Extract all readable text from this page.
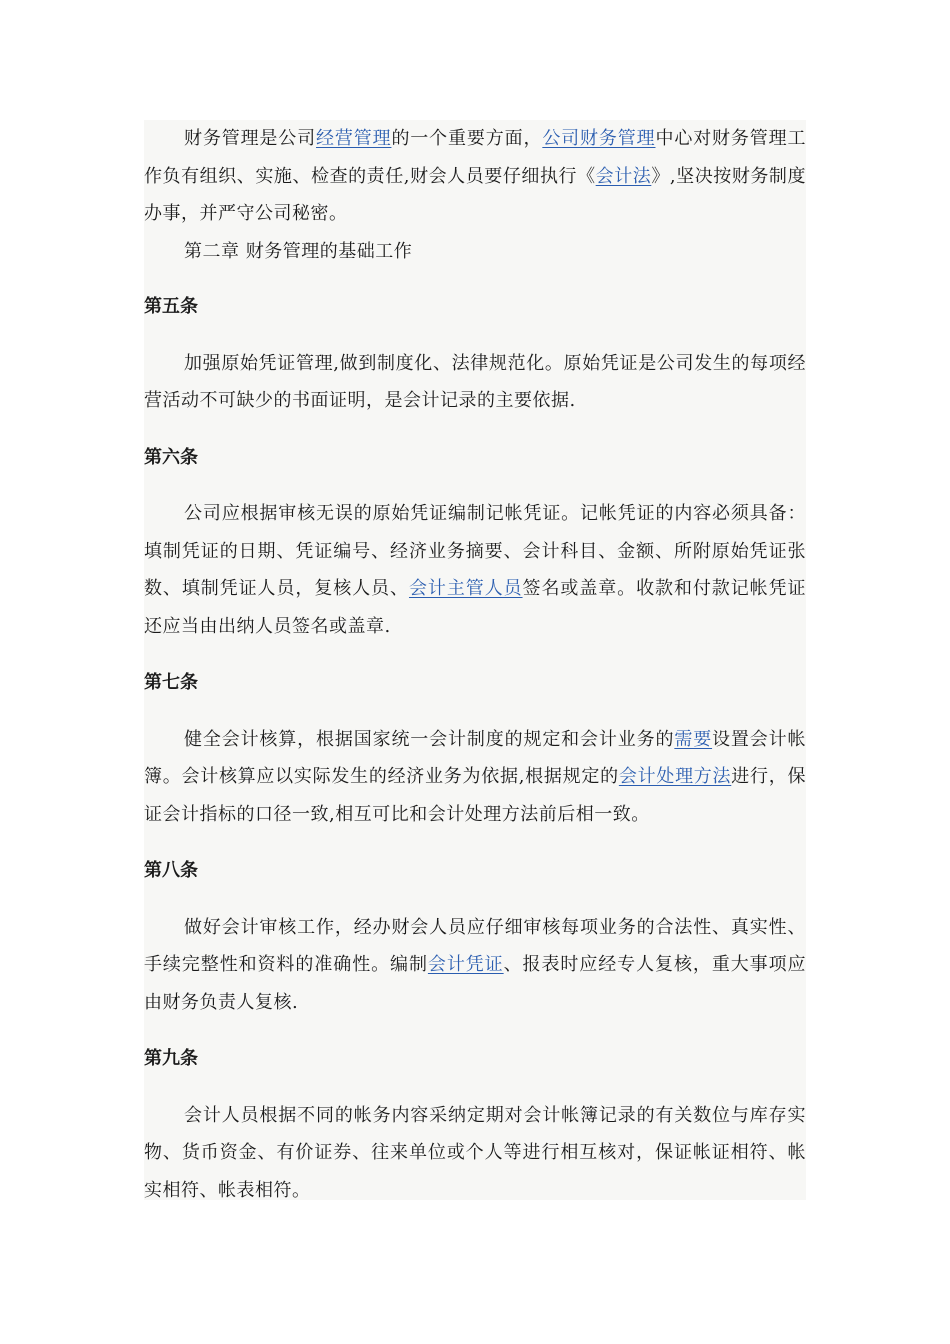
财务管理是公司经营管理的一个重要方面，公司财务管理中心对财务管理工作负有组织、实施、检查的责任,财会人员要仔细执行《会计法》,坚决按财务制度办事，并严守公司秘密。

第二章 财务管理的基础工作

第五条

加强原始凭证管理,做到制度化、法律规范化。原始凭证是公司发生的每项经营活动不可缺少的书面证明，是会计记录的主要依据.

第六条

公司应根据审核无误的原始凭证编制记帐凭证。记帐凭证的内容必须具备：填制凭证的日期、凭证编号、经济业务摘要、会计科目、金额、所附原始凭证张数、填制凭证人员，复核人员、会计主管人员签名或盖章。收款和付款记帐凭证还应当由出纳人员签名或盖章.

第七条

健全会计核算，根据国家统一会计制度的规定和会计业务的需要设置会计帐簿。会计核算应以实际发生的经济业务为依据,根据规定的会计处理方法进行，保证会计指标的口径一致,相互可比和会计处理方法前后相一致。

第八条

做好会计审核工作，经办财会人员应仔细审核每项业务的合法性、真实性、手续完整性和资料的准确性。编制会计凭证、报表时应经专人复核，重大事项应由财务负责人复核.

第九条

会计人员根据不同的帐务内容采纳定期对会计帐簿记录的有关数位与库存实物、货币资金、有价证券、往来单位或个人等进行相互核对，保证帐证相符、帐实相符、帐表相符。
